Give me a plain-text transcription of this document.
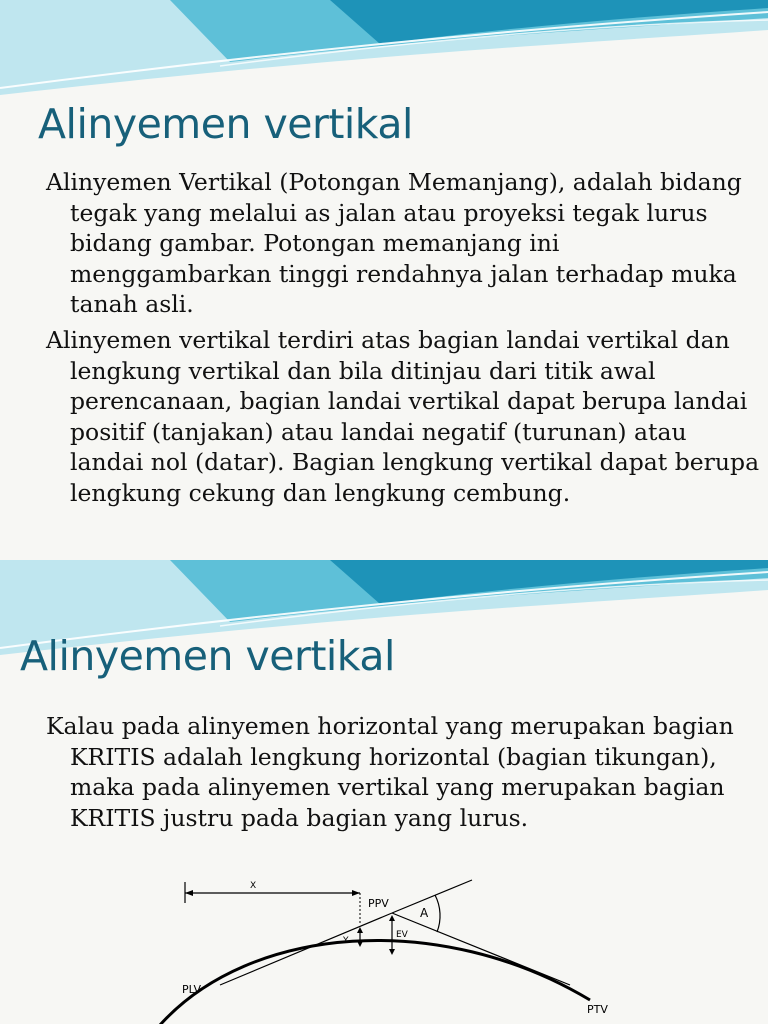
Alinyemen vertikal

Alinyemen Vertikal (Potongan Memanjang), adalah bidang tegak yang melalui as jalan atau proyeksi tegak lurus bidang gambar. Potongan memanjang ini menggambarkan tinggi rendahnya jalan terhadap muka tanah asli.

Alinyemen vertikal terdiri atas bagian landai vertikal dan lengkung vertikal dan bila ditinjau dari titik awal perencanaan, bagian landai vertikal dapat berupa landai positif (tanjakan) atau landai negatif (turunan) atau landai nol (datar). Bagian lengkung vertikal dapat berupa lengkung cekung dan lengkung cembung.

Alinyemen vertikal

Kalau pada alinyemen horizontal yang merupakan bagian KRITIS adalah lengkung horizontal (bagian tikungan), maka pada alinyemen vertikal yang merupakan bagian KRITIS justru pada bagian yang lurus.

PPV
A
X
Y
EV
PLV
PTV
